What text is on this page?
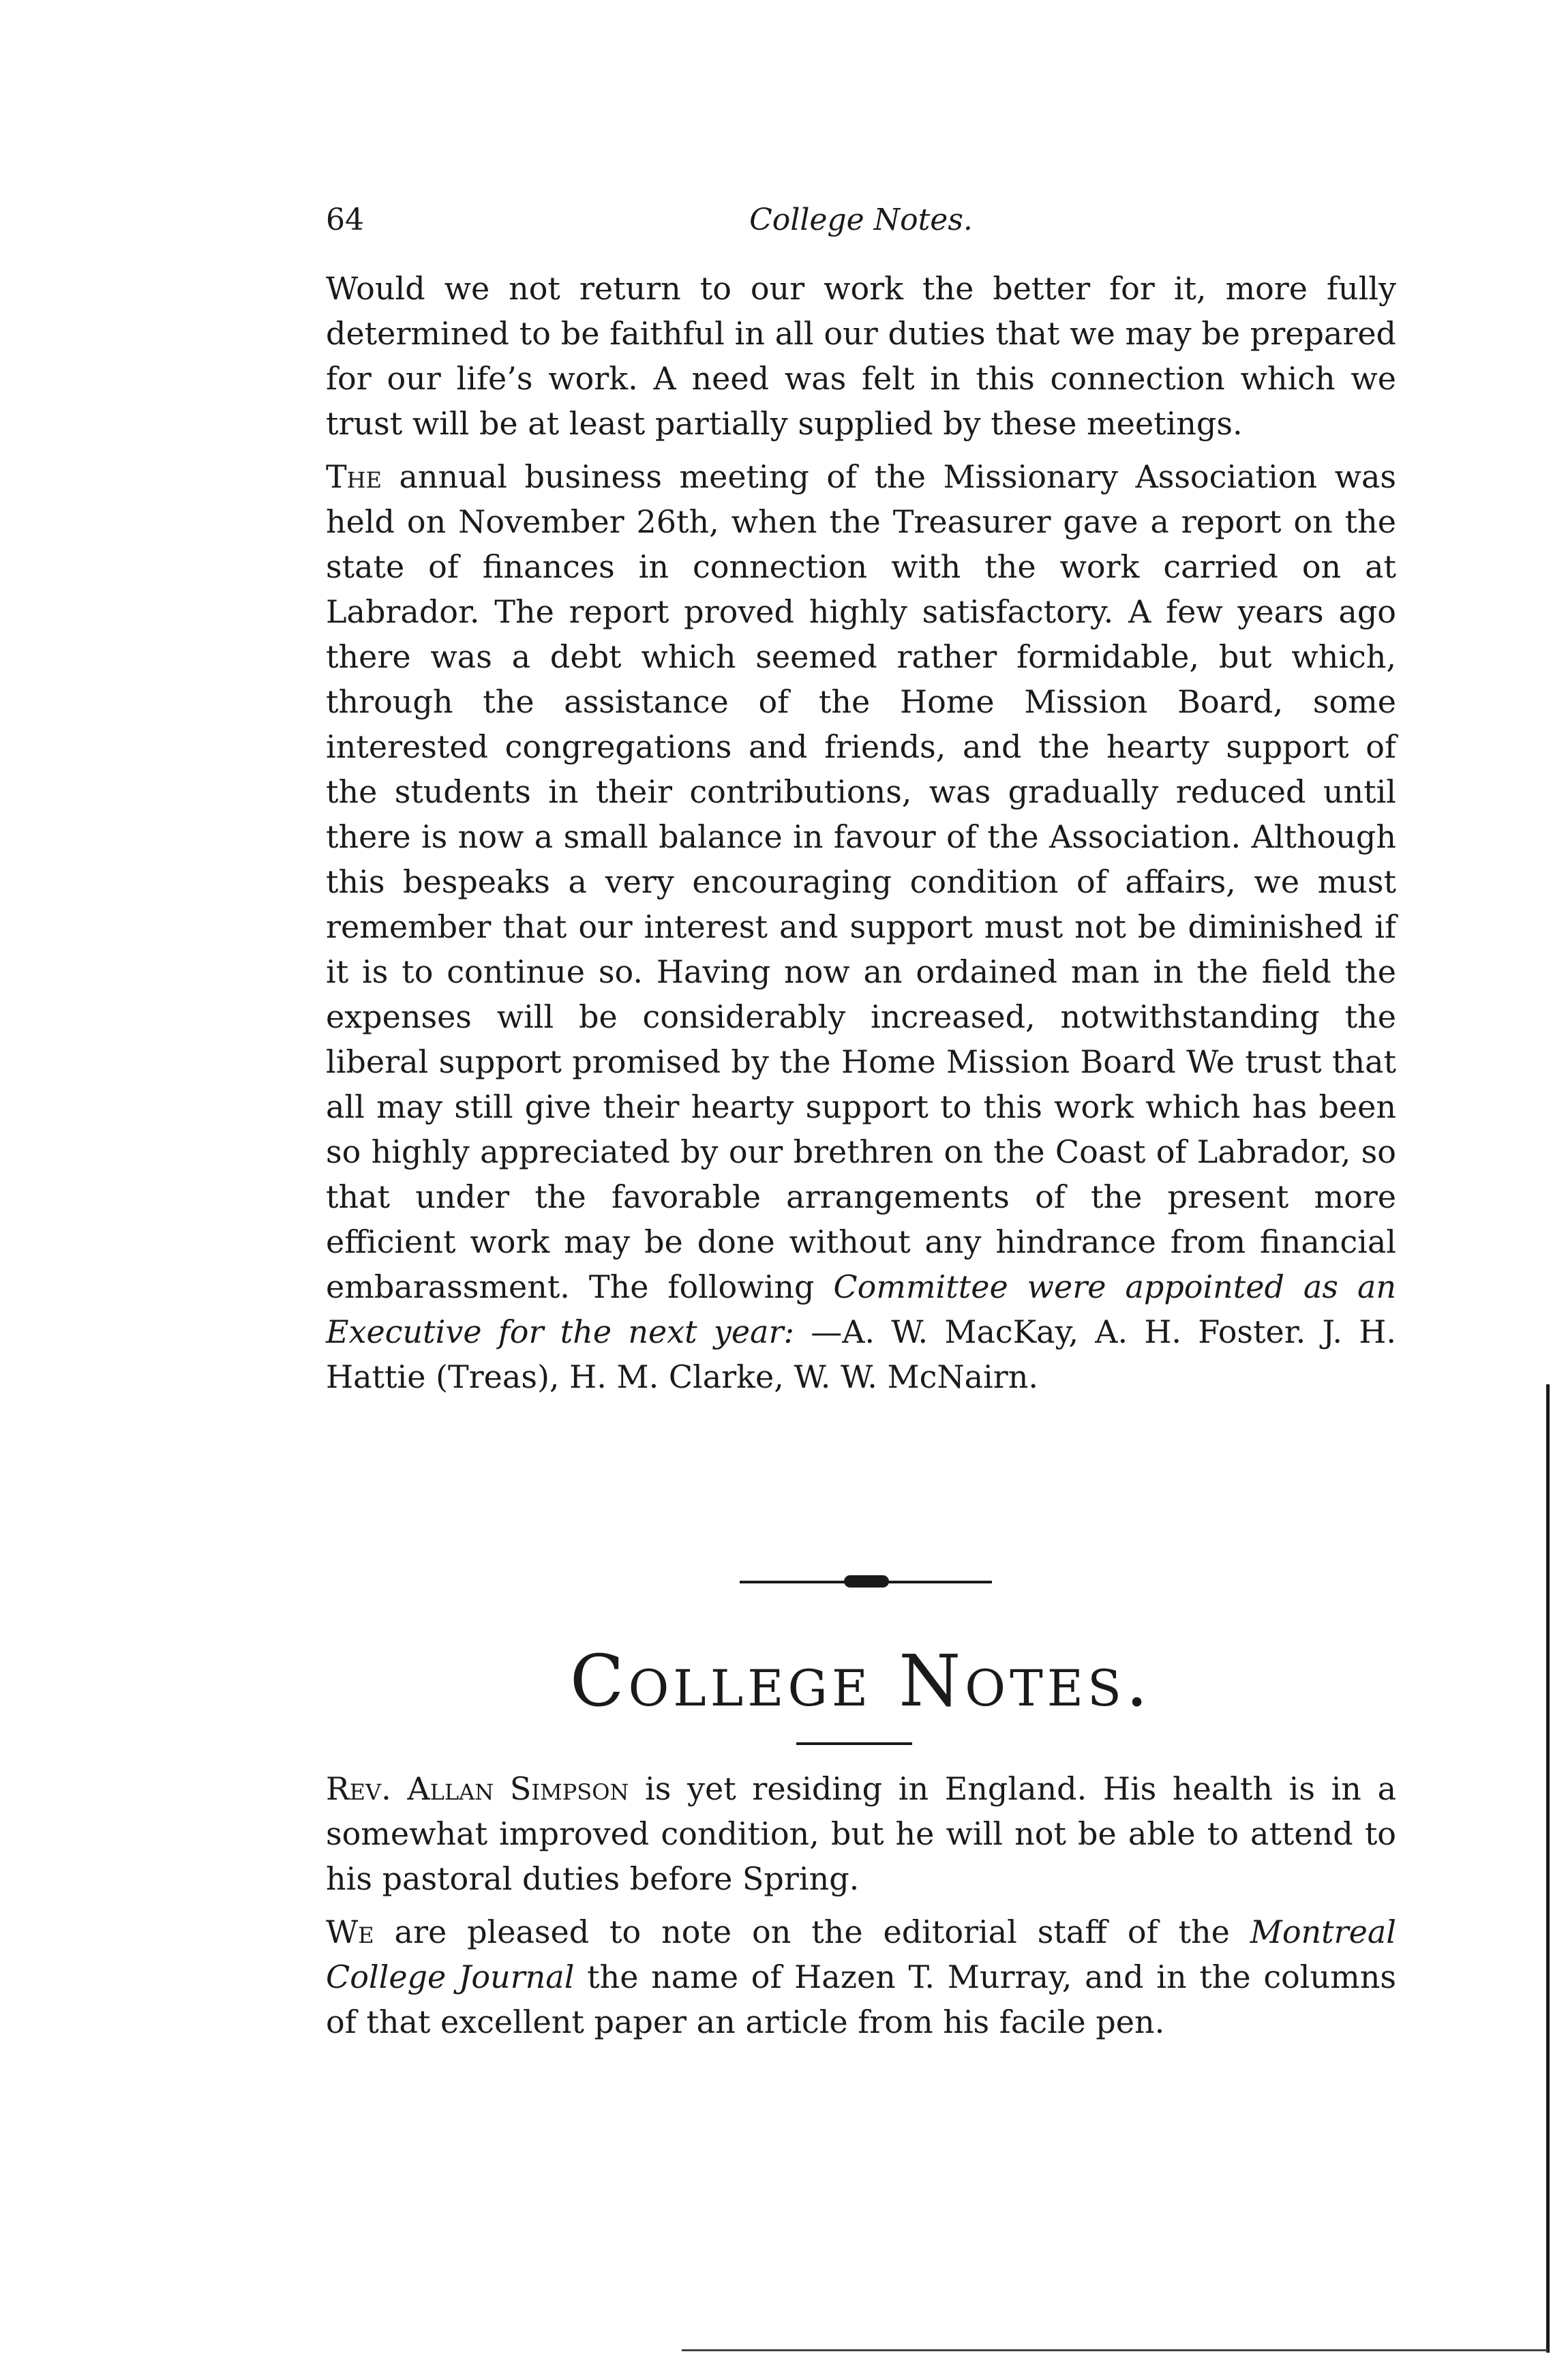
64	College Notes.

Would we not return to our work the better for it, more fully determined to be faithful in all our duties that we may be prepared for our life’s work. A need was felt in this connection which we trust will be at least partially supplied by these meetings.

The annual business meeting of the Missionary Association was held on November 26th, when the Treasurer gave a report on the state of finances in connection with the work carried on at Labrador. The report proved highly satisfactory. A few years ago there was a debt which seemed rather formidable, but which, through the assistance of the Home Mission Board, some interested congregations and friends, and the hearty support of the students in their contributions, was gradually reduced until there is now a small balance in favour of the Association. Although this bespeaks a very encouraging condition of affairs, we must remember that our interest and support must not be diminished if it is to continue so. Having now an ordained man in the field the expenses will be considerably increased, notwithstanding the liberal support promised by the Home Mission Board We trust that all may still give their hearty support to this work which has been so highly appreciated by our brethren on the Coast of Labrador, so that under the favorable arrangements of the present more efficient work may be done without any hindrance from financial embarassment. The following Committee were appointed as an Executive for the next year: —A. W. MacKay, A. H. Foster. J. H. Hattie (Treas), H. M. Clarke, W. W. McNairn.

College Notes.

Rev. Allan Simpson is yet residing in England. His health is in a somewhat improved condition, but he will not be able to attend to his pastoral duties before Spring.

We are pleased to note on the editorial staff of the Montreal College Journal the name of Hazen T. Murray, and in the columns of that excellent paper an article from his facile pen.
